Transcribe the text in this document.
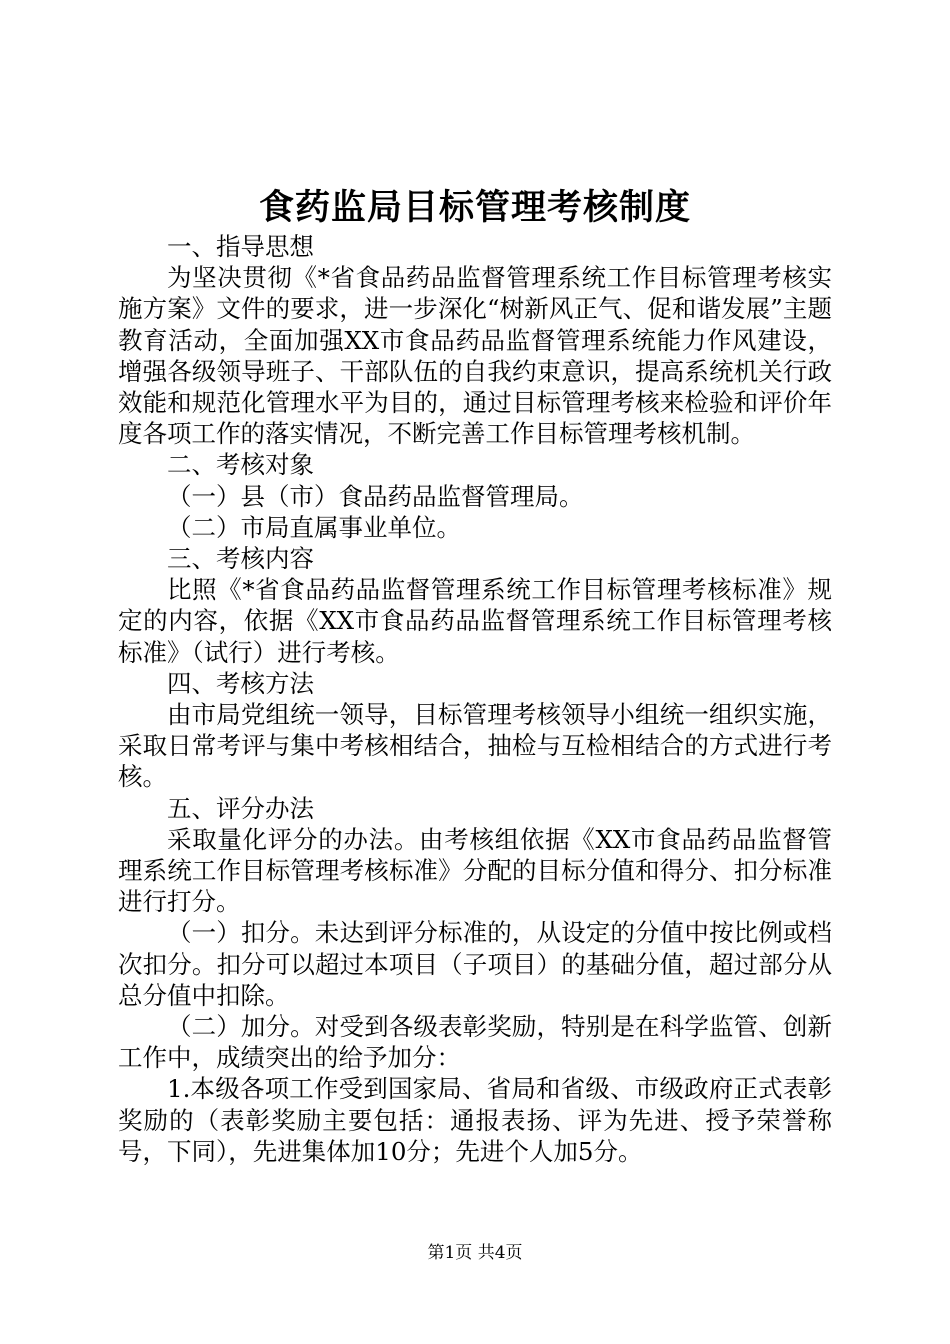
食药监局目标管理考核制度

一、指导思想

为坚决贯彻《*省食品药品监督管理系统工作目标管理考核实施方案》文件的要求，进一步深化“树新风正气、促和谐发展”主题教育活动，全面加强XX市食品药品监督管理系统能力作风建设，增强各级领导班子、干部队伍的自我约束意识，提高系统机关行政效能和规范化管理水平为目的，通过目标管理考核来检验和评价年度各项工作的落实情况，不断完善工作目标管理考核机制。

二、考核对象

（一）县（市）食品药品监督管理局。

（二）市局直属事业单位。

三、考核内容

比照《*省食品药品监督管理系统工作目标管理考核标准》规定的内容，依据《XX市食品药品监督管理系统工作目标管理考核标准》（试行）进行考核。

四、考核方法

由市局党组统一领导，目标管理考核领导小组统一组织实施，采取日常考评与集中考核相结合，抽检与互检相结合的方式进行考核。

五、评分办法

采取量化评分的办法。由考核组依据《XX市食品药品监督管理系统工作目标管理考核标准》分配的目标分值和得分、扣分标准进行打分。

（一）扣分。未达到评分标准的，从设定的分值中按比例或档次扣分。扣分可以超过本项目（子项目）的基础分值，超过部分从总分值中扣除。

（二）加分。对受到各级表彰奖励，特别是在科学监管、创新工作中，成绩突出的给予加分：

1.本级各项工作受到国家局、省局和省级、市级政府正式表彰奖励的（表彰奖励主要包括：通报表扬、评为先进、授予荣誉称号，下同），先进集体加10分；先进个人加5分。

第1页 共4页
